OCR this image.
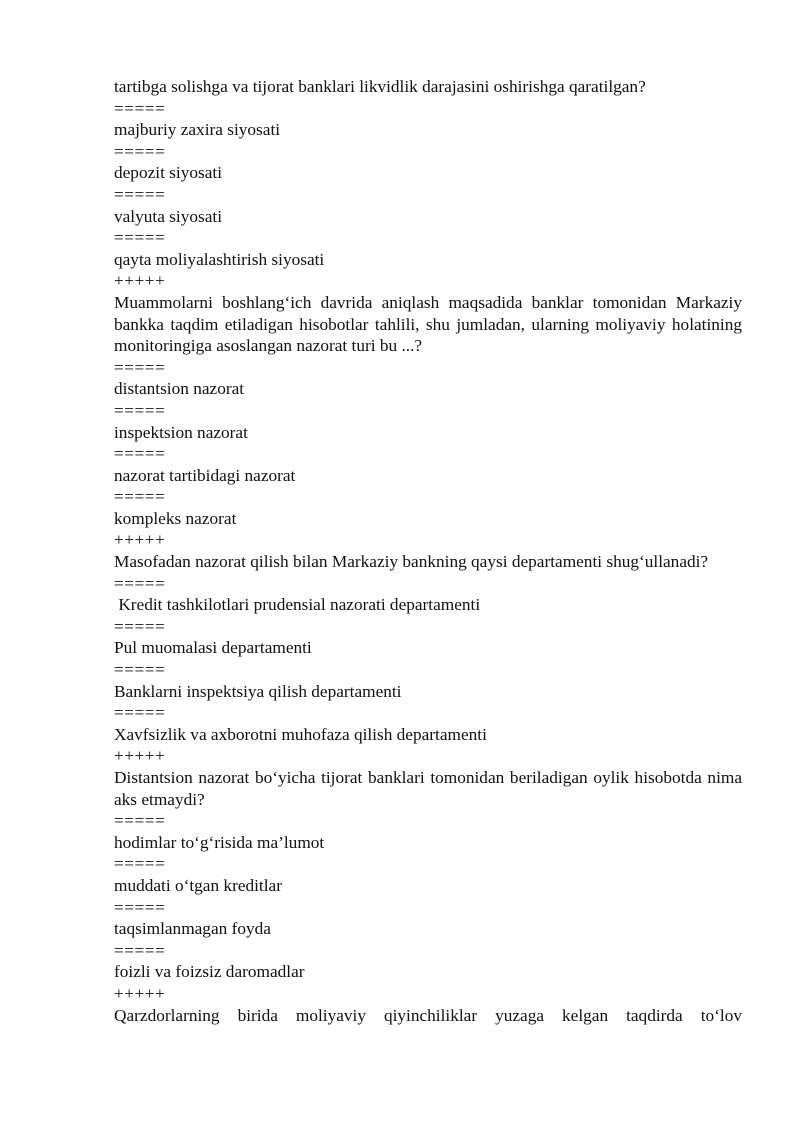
tartibga solishga va tijorat banklari likvidlik darajasini oshirishga qaratilgan?
=====
majburiy zaxira siyosati
=====
depozit siyosati
=====
valyuta siyosati
=====
qayta moliyalashtirish siyosati
+++++
Muammolarni boshlang‘ich davrida aniqlash maqsadida banklar tomonidan Markaziy bankka taqdim etiladigan hisobotlar tahlili, shu jumladan, ularning moliyaviy holatining monitoringiga asoslangan nazorat turi bu ...?
=====
distantsion nazorat
=====
inspektsion nazorat
=====
nazorat tartibidagi nazorat
=====
kompleks nazorat
+++++
Masofadan nazorat qilish bilan Markaziy bankning qaysi departamenti shug‘ullanadi?
=====
Kredit tashkilotlari prudensial nazorati departamenti
=====
Pul muomalasi departamenti
=====
Banklarni inspektsiya qilish departamenti
=====
Xavfsizlik va axborotni muhofaza qilish departamenti
+++++
Distantsion nazorat bo‘yicha tijorat banklari tomonidan beriladigan oylik hisobotda nima aks etmaydi?
=====
hodimlar to‘g‘risida ma’lumot
=====
muddati o‘tgan kreditlar
=====
taqsimlanmagan foyda
=====
foizli va foizsiz daromadlar
+++++
Qarzdorlarning birida moliyaviy qiyinchiliklar yuzaga kelgan taqdirda to‘lov
